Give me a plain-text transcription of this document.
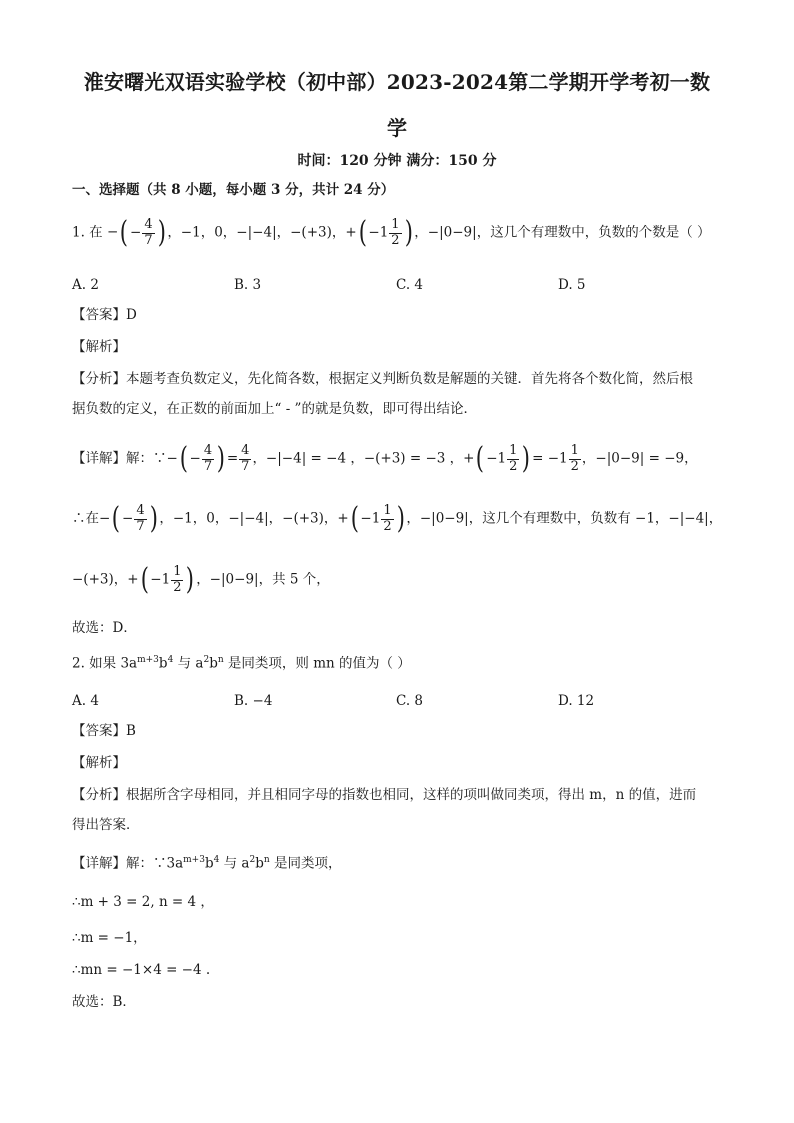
淮安曙光双语实验学校（初中部）2023-2024第二学期开学考初一数
学
时间：120 分钟 满分：150 分
一、选择题（共 8 小题，每小题 3 分，共计 24 分）
1. 在 −( − $\frac{4}{7}$ ) ，−1，0，−|−4|，−(+3)，+( $-1 \frac{1}{2}$ ) ，−|0−9|，这几个有理数中，负数的个数是（ ）
A. 2	B. 3	C. 4	D. 5
【答案】D
【解析】
【分析】本题考查负数定义，先化简各数，根据定义判断负数是解题的关键．首先将各个数化简，然后根
据负数的定义，在正数的前面加上“ - ”的就是负数，即可得出结论．
【详解】解：∵−( − $\frac{4}{7}$ ) = $\frac{4}{7}$ ，−|−4| = −4 ，−(+3) = −3 ，+( $-1 \frac{1}{2}$ ) = $-1 \frac{1}{2}$ ，−|0−9| = −9，
∴在−( − $\frac{4}{7}$ ) ，−1，0，−|−4|，−(+3)，+( $-1 \frac{1}{2}$ ) ，−|0−9|，这几个有理数中，负数有 −1，−|−4|，
−(+3)，+( $-1 \frac{1}{2}$ ) ，−|0−9|，共 5 个，
故选：D．
2. 如果 $3a^{m+3}b^4$ 与 $a^2b^n$ 是同类项，则 mn 的值为（ ）
A. 4	B. −4	C. 8	D. 12
【答案】B
【解析】
【分析】根据所含字母相同，并且相同字母的指数也相同，这样的项叫做同类项，得出 m，n 的值，进而
得出答案．
【详解】解：$\because 3a^{m+3}b^4$ 与 $a^2b^n$ 是同类项，
∴m + 3 = 2, n = 4 ，
∴m = −1，
∴mn = −1×4 = −4 .
故选：B．
